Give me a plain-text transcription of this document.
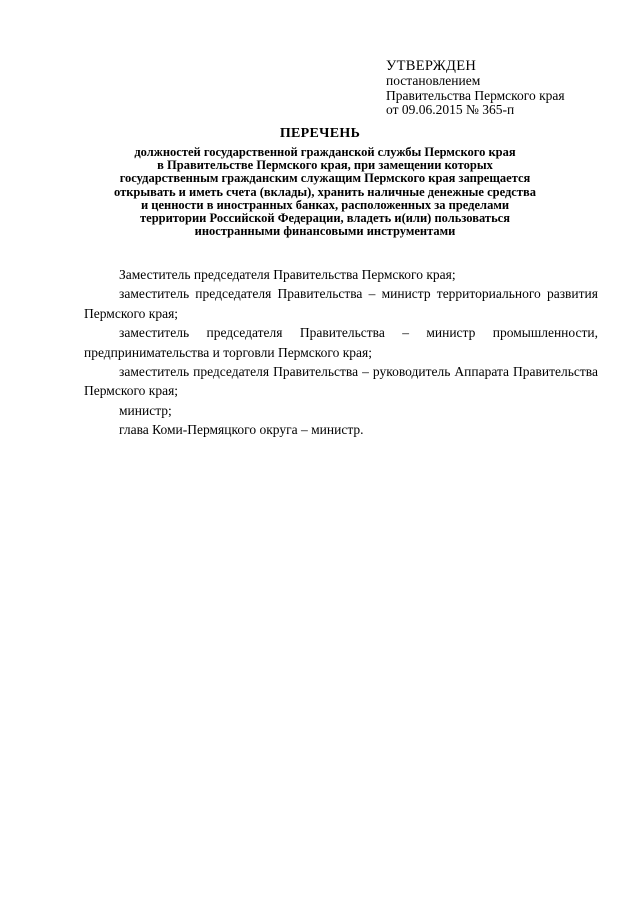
УТВЕРЖДЕН
постановлением
Правительства Пермского края
от 09.06.2015 № 365-п
ПЕРЕЧЕНЬ
должностей государственной гражданской службы Пермского края
в Правительстве Пермского края, при замещении которых
государственным гражданским служащим Пермского края запрещается
открывать и иметь счета (вклады), хранить наличные денежные средства
и ценности в иностранных банках, расположенных за пределами
территории Российской Федерации, владеть и(или) пользоваться
иностранными финансовыми инструментами

Заместитель председателя Правительства Пермского края;

заместитель председателя Правительства – министр территориального развития Пермского края;

заместитель председателя Правительства – министр промышленности, предпринимательства и торговли Пермского края;

заместитель председателя Правительства – руководитель Аппарата Правительства Пермского края;

министр;

глава Коми-Пермяцкого округа – министр.
